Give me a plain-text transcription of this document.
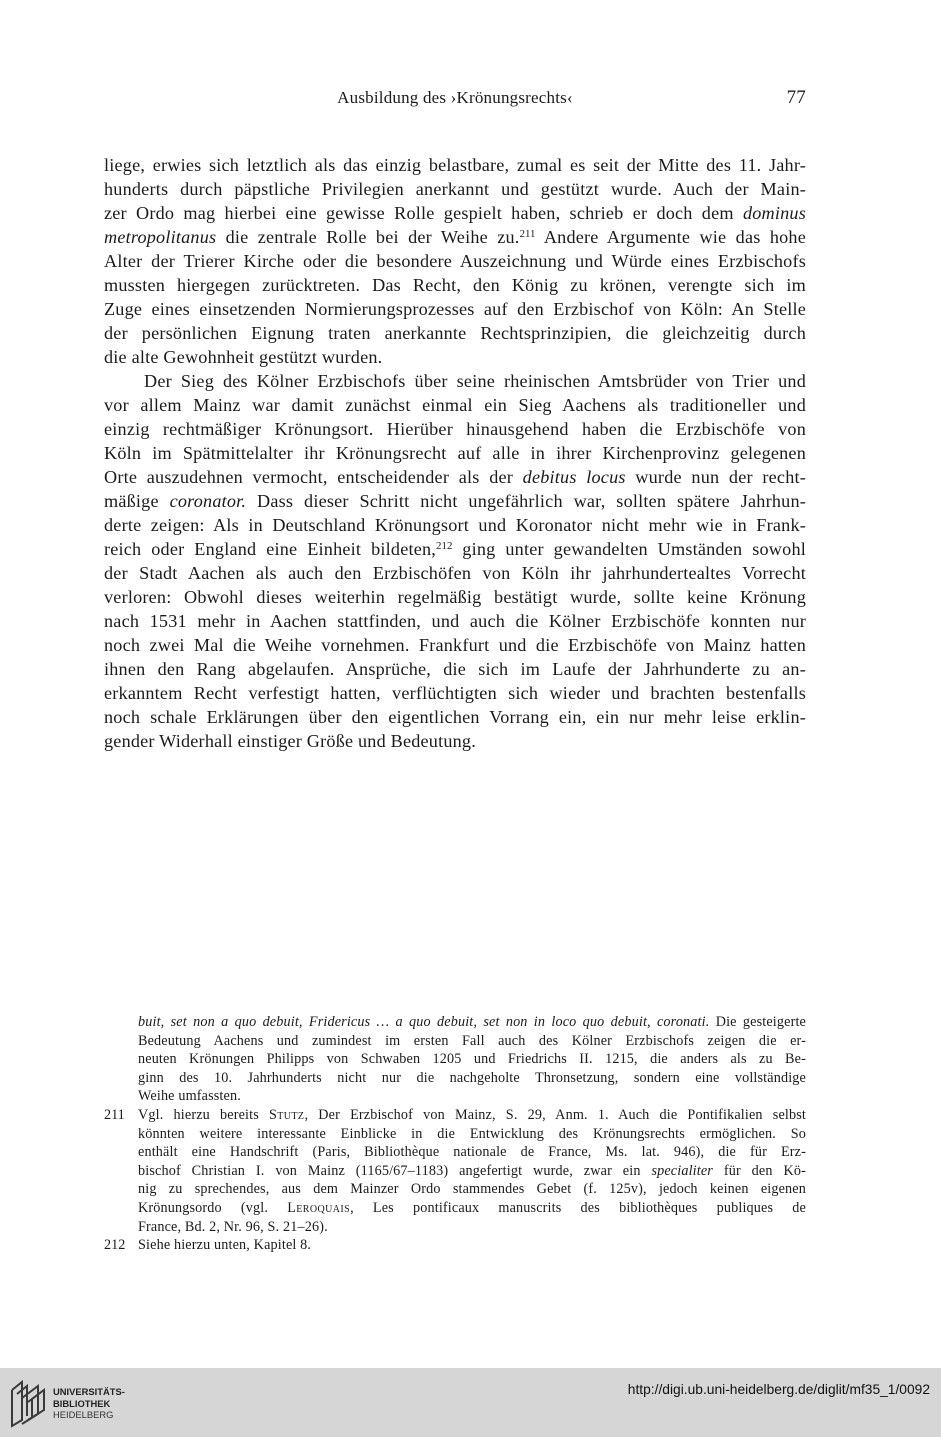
Ausbildung des ›Krönungsrechts‹	77
liege, erwies sich letztlich als das einzig belastbare, zumal es seit der Mitte des 11. Jahr-
hunderts durch päpstliche Privilegien anerkannt und gestützt wurde. Auch der Main-
zer Ordo mag hierbei eine gewisse Rolle gespielt haben, schrieb er doch dem dominus
metropolitanus die zentrale Rolle bei der Weihe zu.$^{211}$ Andere Argumente wie das hohe
Alter der Trierer Kirche oder die besondere Auszeichnung und Würde eines Erzbischofs
mussten hiergegen zurücktreten. Das Recht, den König zu krönen, verengte sich im
Zuge eines einsetzenden Normierungsprozesses auf den Erzbischof von Köln: An Stelle
der persönlichen Eignung traten anerkannte Rechtsprinzipien, die gleichzeitig durch
die alte Gewohnheit gestützt wurden.
Der Sieg des Kölner Erzbischofs über seine rheinischen Amtsbrüder von Trier und
vor allem Mainz war damit zunächst einmal ein Sieg Aachens als traditioneller und
einzig rechtmäßiger Krönungsort. Hierüber hinausgehend haben die Erzbischöfe von
Köln im Spätmittelalter ihr Krönungsrecht auf alle in ihrer Kirchenprovinz gelegenen
Orte auszudehnen vermocht, entscheidender als der debitus locus wurde nun der recht-
mäßige coronator. Dass dieser Schritt nicht ungefährlich war, sollten spätere Jahrhun-
derte zeigen: Als in Deutschland Krönungsort und Koronator nicht mehr wie in Frank-
reich oder England eine Einheit bildeten,$^{212}$ ging unter gewandelten Umständen sowohl
der Stadt Aachen als auch den Erzbischöfen von Köln ihr jahrhundertealtes Vorrecht
verloren: Obwohl dieses weiterhin regelmäßig bestätigt wurde, sollte keine Krönung
nach 1531 mehr in Aachen stattfinden, und auch die Kölner Erzbischöfe konnten nur
noch zwei Mal die Weihe vornehmen. Frankfurt und die Erzbischöfe von Mainz hatten
ihnen den Rang abgelaufen. Ansprüche, die sich im Laufe der Jahrhunderte zu an-
erkanntem Recht verfestigt hatten, verflüchtigten sich wieder und brachten bestenfalls
noch schale Erklärungen über den eigentlichen Vorrang ein, ein nur mehr leise erklin-
gender Widerhall einstiger Größe und Bedeutung.
buit, set non a quo debuit, Fridericus … a quo debuit, set non in loco quo debuit, coronati. Die gesteigerte
Bedeutung Aachens und zumindest im ersten Fall auch des Kölner Erzbischofs zeigen die er-
neuten Krönungen Philipps von Schwaben 1205 und Friedrichs II. 1215, die anders als zu Be-
ginn des 10. Jahrhunderts nicht nur die nachgeholte Thronsetzung, sondern eine vollständige
Weihe umfassten.
211 Vgl. hierzu bereits Stutz, Der Erzbischof von Mainz, S. 29, Anm. 1. Auch die Pontifikalien selbst
könnten weitere interessante Einblicke in die Entwicklung des Krönungsrechts ermöglichen. So
enthält eine Handschrift (Paris, Bibliothèque nationale de France, Ms. lat. 946), die für Erz-
bischof Christian I. von Mainz (1165/67–1183) angefertigt wurde, zwar ein specialiter für den Kö-
nig zu sprechendes, aus dem Mainzer Ordo stammendes Gebet (f. 125v), jedoch keinen eigenen
Krönungsordo (vgl. Leroquais, Les pontificaux manuscrits des bibliothèques publiques de
France, Bd. 2, Nr. 96, S. 21–26).
212 Siehe hierzu unten, Kapitel 8.
UNIVERSITÄTS-
BIBLIOTHEK
HEIDELBERG
http://digi.ub.uni-heidelberg.de/diglit/mf35_1/0092
